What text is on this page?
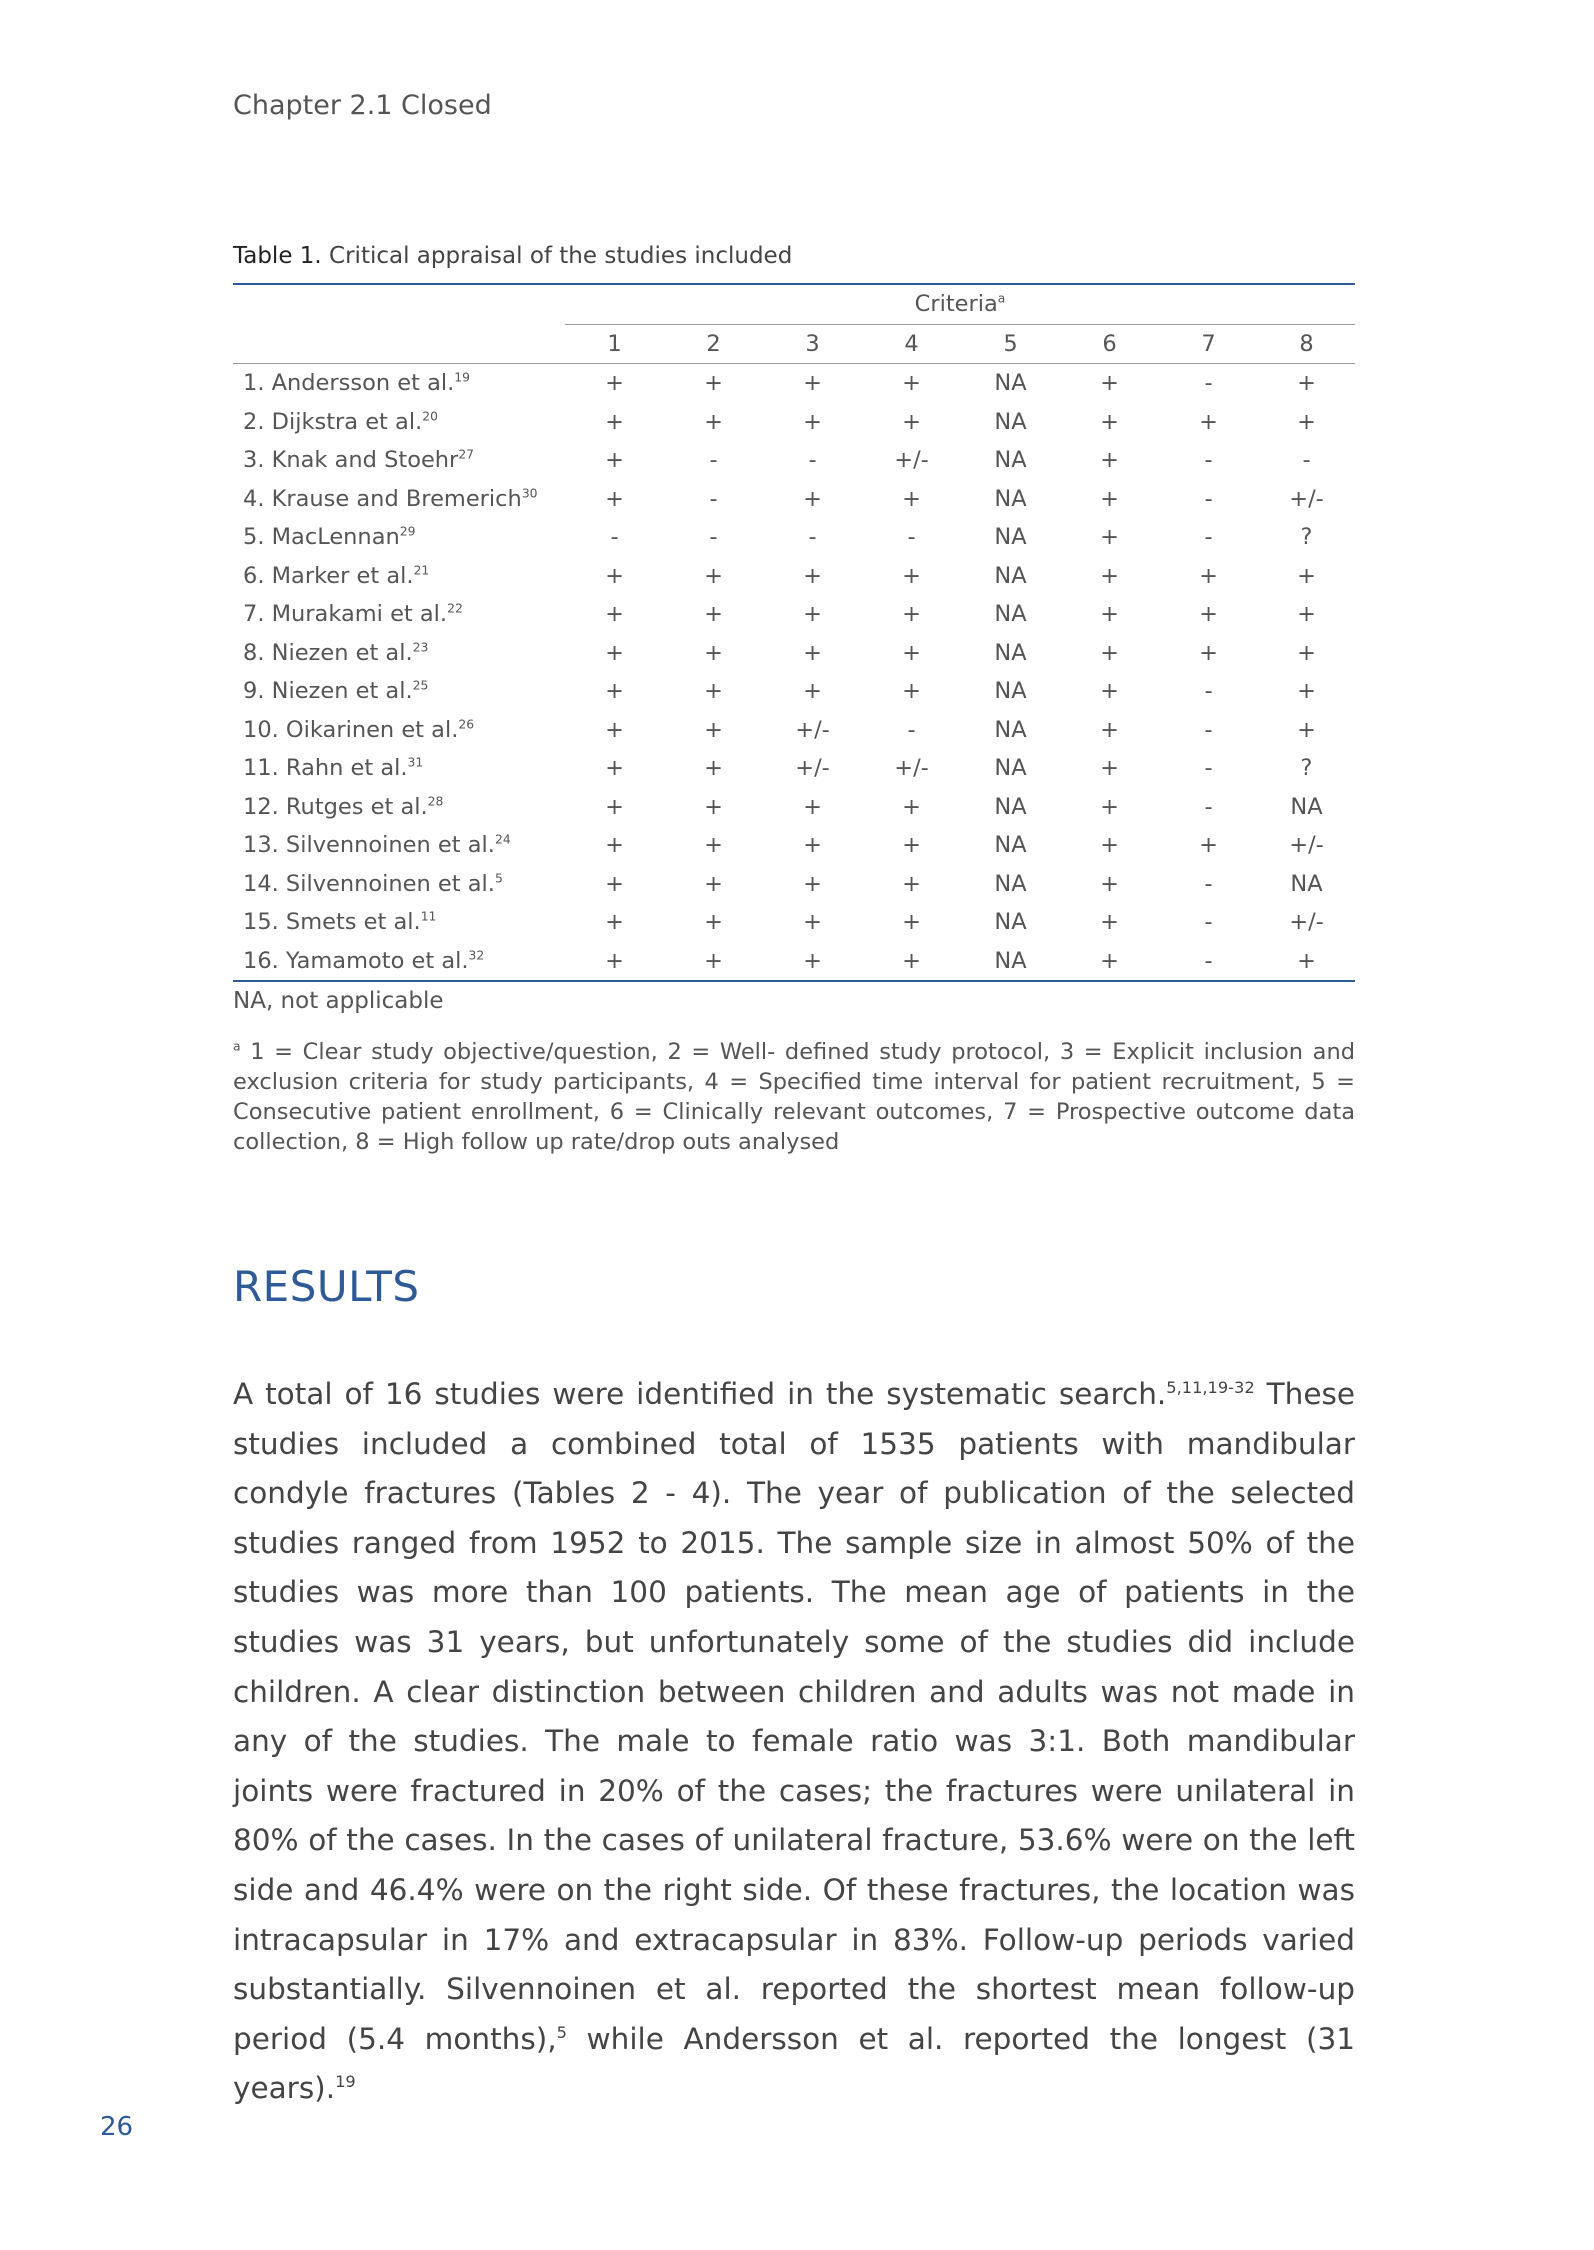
Chapter 2.1 Closed
Table 1. Critical appraisal of the studies included
	Criteria$^a$
	1	2	3	4	5	6	7	8
1. Andersson et al.$^{19}$	+	+	+	+	NA	+	-	+
2. Dijkstra et al.$^{20}$	+	+	+	+	NA	+	+	+
3. Knak and Stoehr$^{27}$	+	-	-	+/-	NA	+	-	-
4. Krause and Bremerich$^{30}$	+	-	+	+	NA	+	-	+/-
5. MacLennan$^{29}$	-	-	-	-	NA	+	-	?
6. Marker et al.$^{21}$	+	+	+	+	NA	+	+	+
7. Murakami et al.$^{22}$	+	+	+	+	NA	+	+	+
8. Niezen et al.$^{23}$	+	+	+	+	NA	+	+	+
9. Niezen et al.$^{25}$	+	+	+	+	NA	+	-	+
10. Oikarinen et al.$^{26}$	+	+	+/-	-	NA	+	-	+
11. Rahn et al.$^{31}$	+	+	+/-	+/-	NA	+	-	?
12. Rutges et al.$^{28}$	+	+	+	+	NA	+	-	NA
13. Silvennoinen et al.$^{24}$	+	+	+	+	NA	+	+	+/-
14. Silvennoinen et al.$^5$	+	+	+	+	NA	+	-	NA
15. Smets et al.$^{11}$	+	+	+	+	NA	+	-	+/-
16. Yamamoto et al.$^{32}$	+	+	+	+	NA	+	-	+
NA, not applicable
$^a$ 1 = Clear study objective/question, 2 = Well- defined study protocol, 3 = Explicit inclusion and exclusion criteria for study participants, 4 = Specified time interval for patient recruitment, 5 = Consecutive patient enrollment, 6 = Clinically relevant outcomes, 7 = Prospective outcome data collection, 8 = High follow up rate/drop outs analysed
RESULTS
A total of 16 studies were identified in the systematic search.$^{5,11,19-32}$ These studies included a combined total of 1535 patients with mandibular condyle fractures (Tables 2 - 4). The year of publication of the selected studies ranged from 1952 to 2015. The sample size in almost 50% of the studies was more than 100 patients. The mean age of patients in the studies was 31 years, but unfortunately some of the studies did include children. A clear distinction between children and adults was not made in any of the studies. The male to female ratio was 3:1. Both mandibular joints were fractured in 20% of the cases; the fractures were unilateral in 80% of the cases. In the cases of unilateral fracture, 53.6% were on the left side and 46.4% were on the right side. Of these fractures, the location was intracapsular in 17% and extracapsular in 83%. Follow-up periods varied substantially. Silvennoinen et al. reported the shortest mean follow-up period (5.4 months),$^5$ while Andersson et al. reported the longest (31 years).$^{19}$
26
